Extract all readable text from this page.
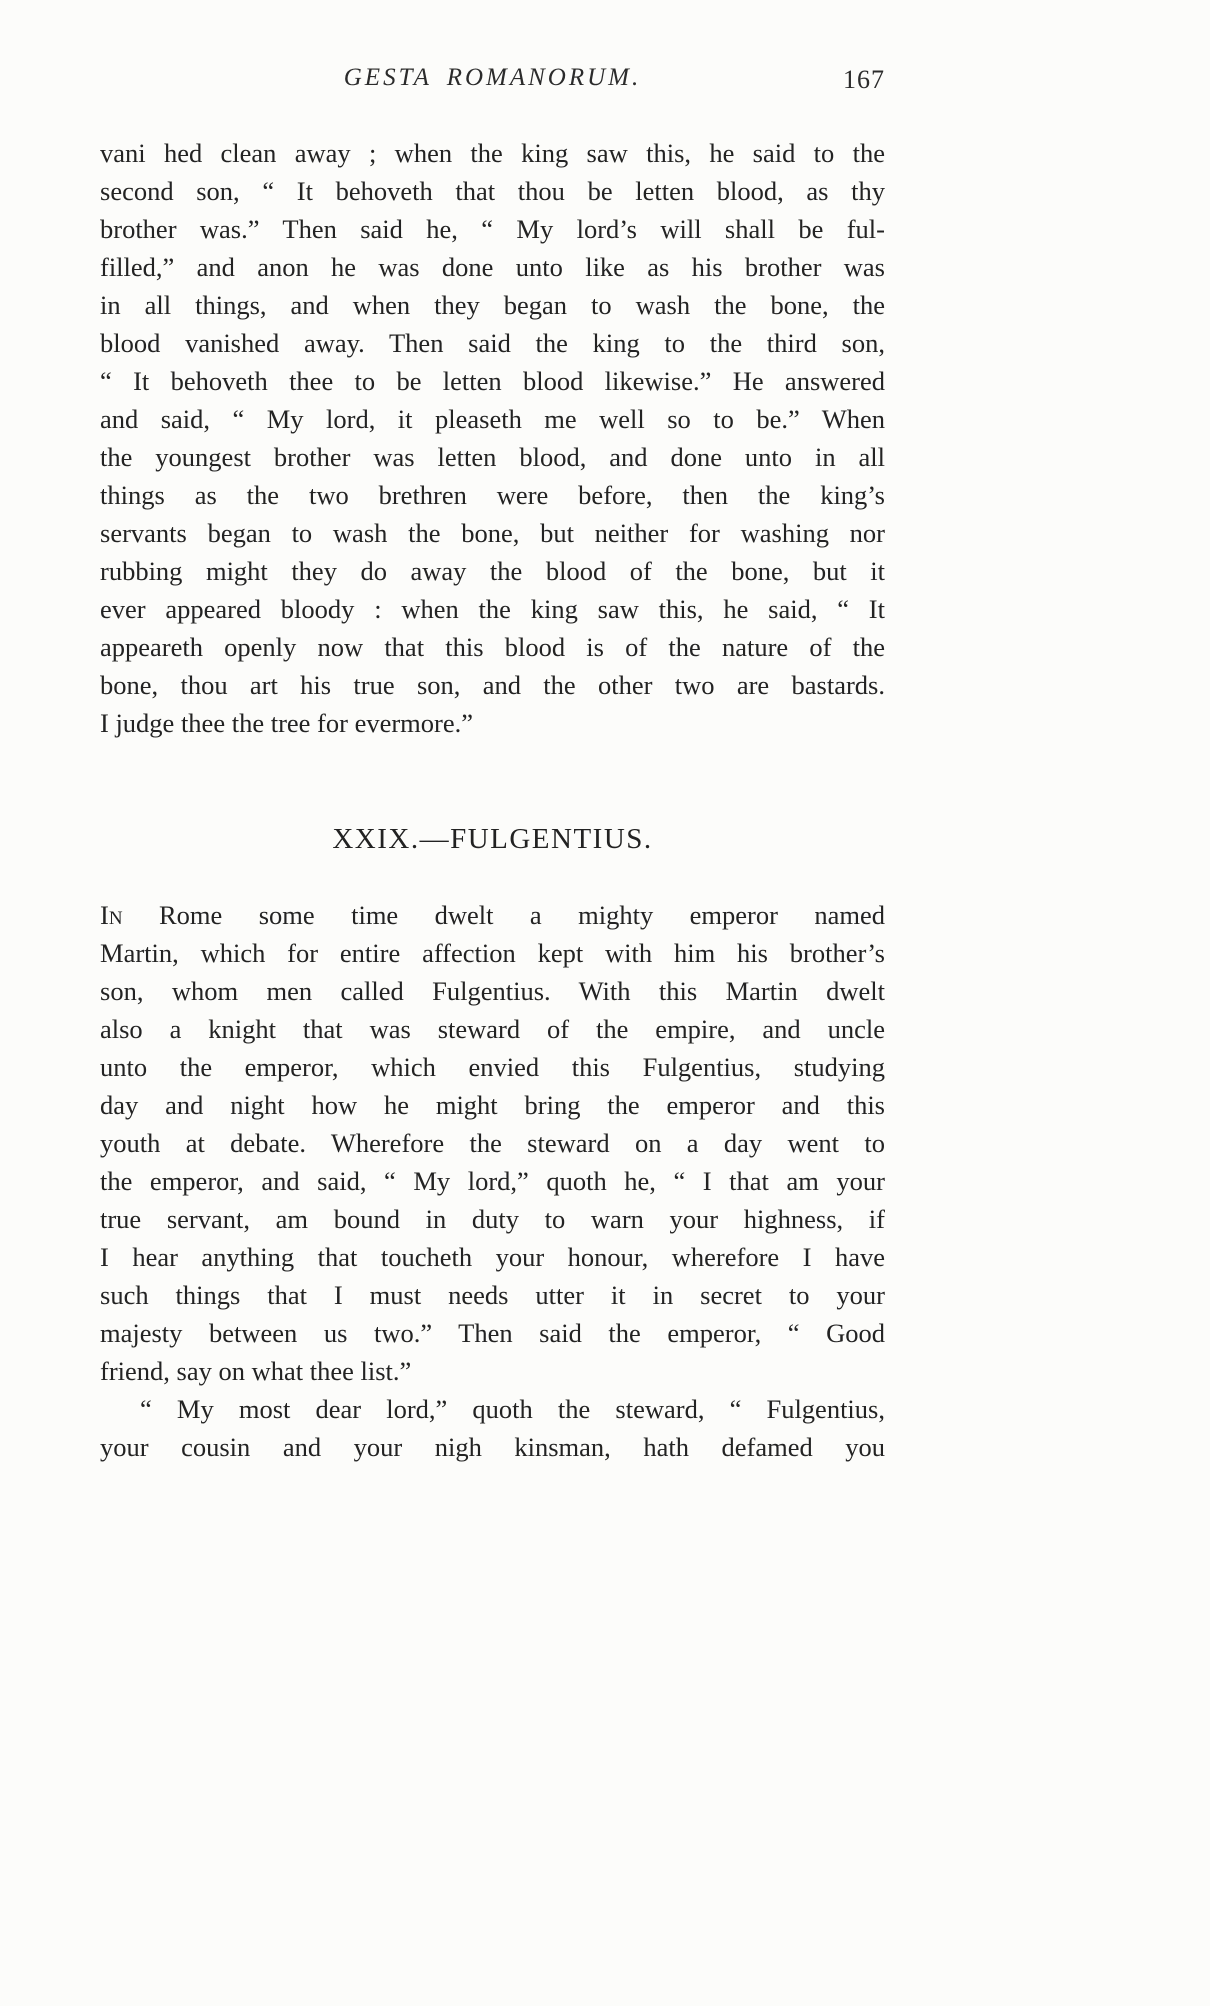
GESTA ROMANORUM.	167
vani hed clean away ; when the king saw this, he said to the
second son, “ It behoveth that thou be letten blood, as thy
brother was.” Then said he, “ My lord’s will shall be ful-
filled,” and anon he was done unto like as his brother was
in all things, and when they began to wash the bone, the
blood vanished away. Then said the king to the third son,
“ It behoveth thee to be letten blood likewise.” He answered
and said, “ My lord, it pleaseth me well so to be.” When
the youngest brother was letten blood, and done unto in all
things as the two brethren were before, then the king’s
servants began to wash the bone, but neither for washing nor
rubbing might they do away the blood of the bone, but it
ever appeared bloody : when the king saw this, he said, “ It
appeareth openly now that this blood is of the nature of the
bone, thou art his true son, and the other two are bastards.
I judge thee the tree for evermore.”
XXIX.—FULGENTIUS.
In Rome some time dwelt a mighty emperor named
Martin, which for entire affection kept with him his brother’s
son, whom men called Fulgentius. With this Martin dwelt
also a knight that was steward of the empire, and uncle
unto the emperor, which envied this Fulgentius, studying
day and night how he might bring the emperor and this
youth at debate. Wherefore the steward on a day went to
the emperor, and said, “ My lord,” quoth he, “ I that am your
true servant, am bound in duty to warn your highness, if
I hear anything that toucheth your honour, wherefore I have
such things that I must needs utter it in secret to your
majesty between us two.” Then said the emperor, “ Good
friend, say on what thee list.”
“ My most dear lord,” quoth the steward, “ Fulgentius,
your cousin and your nigh kinsman, hath defamed you
